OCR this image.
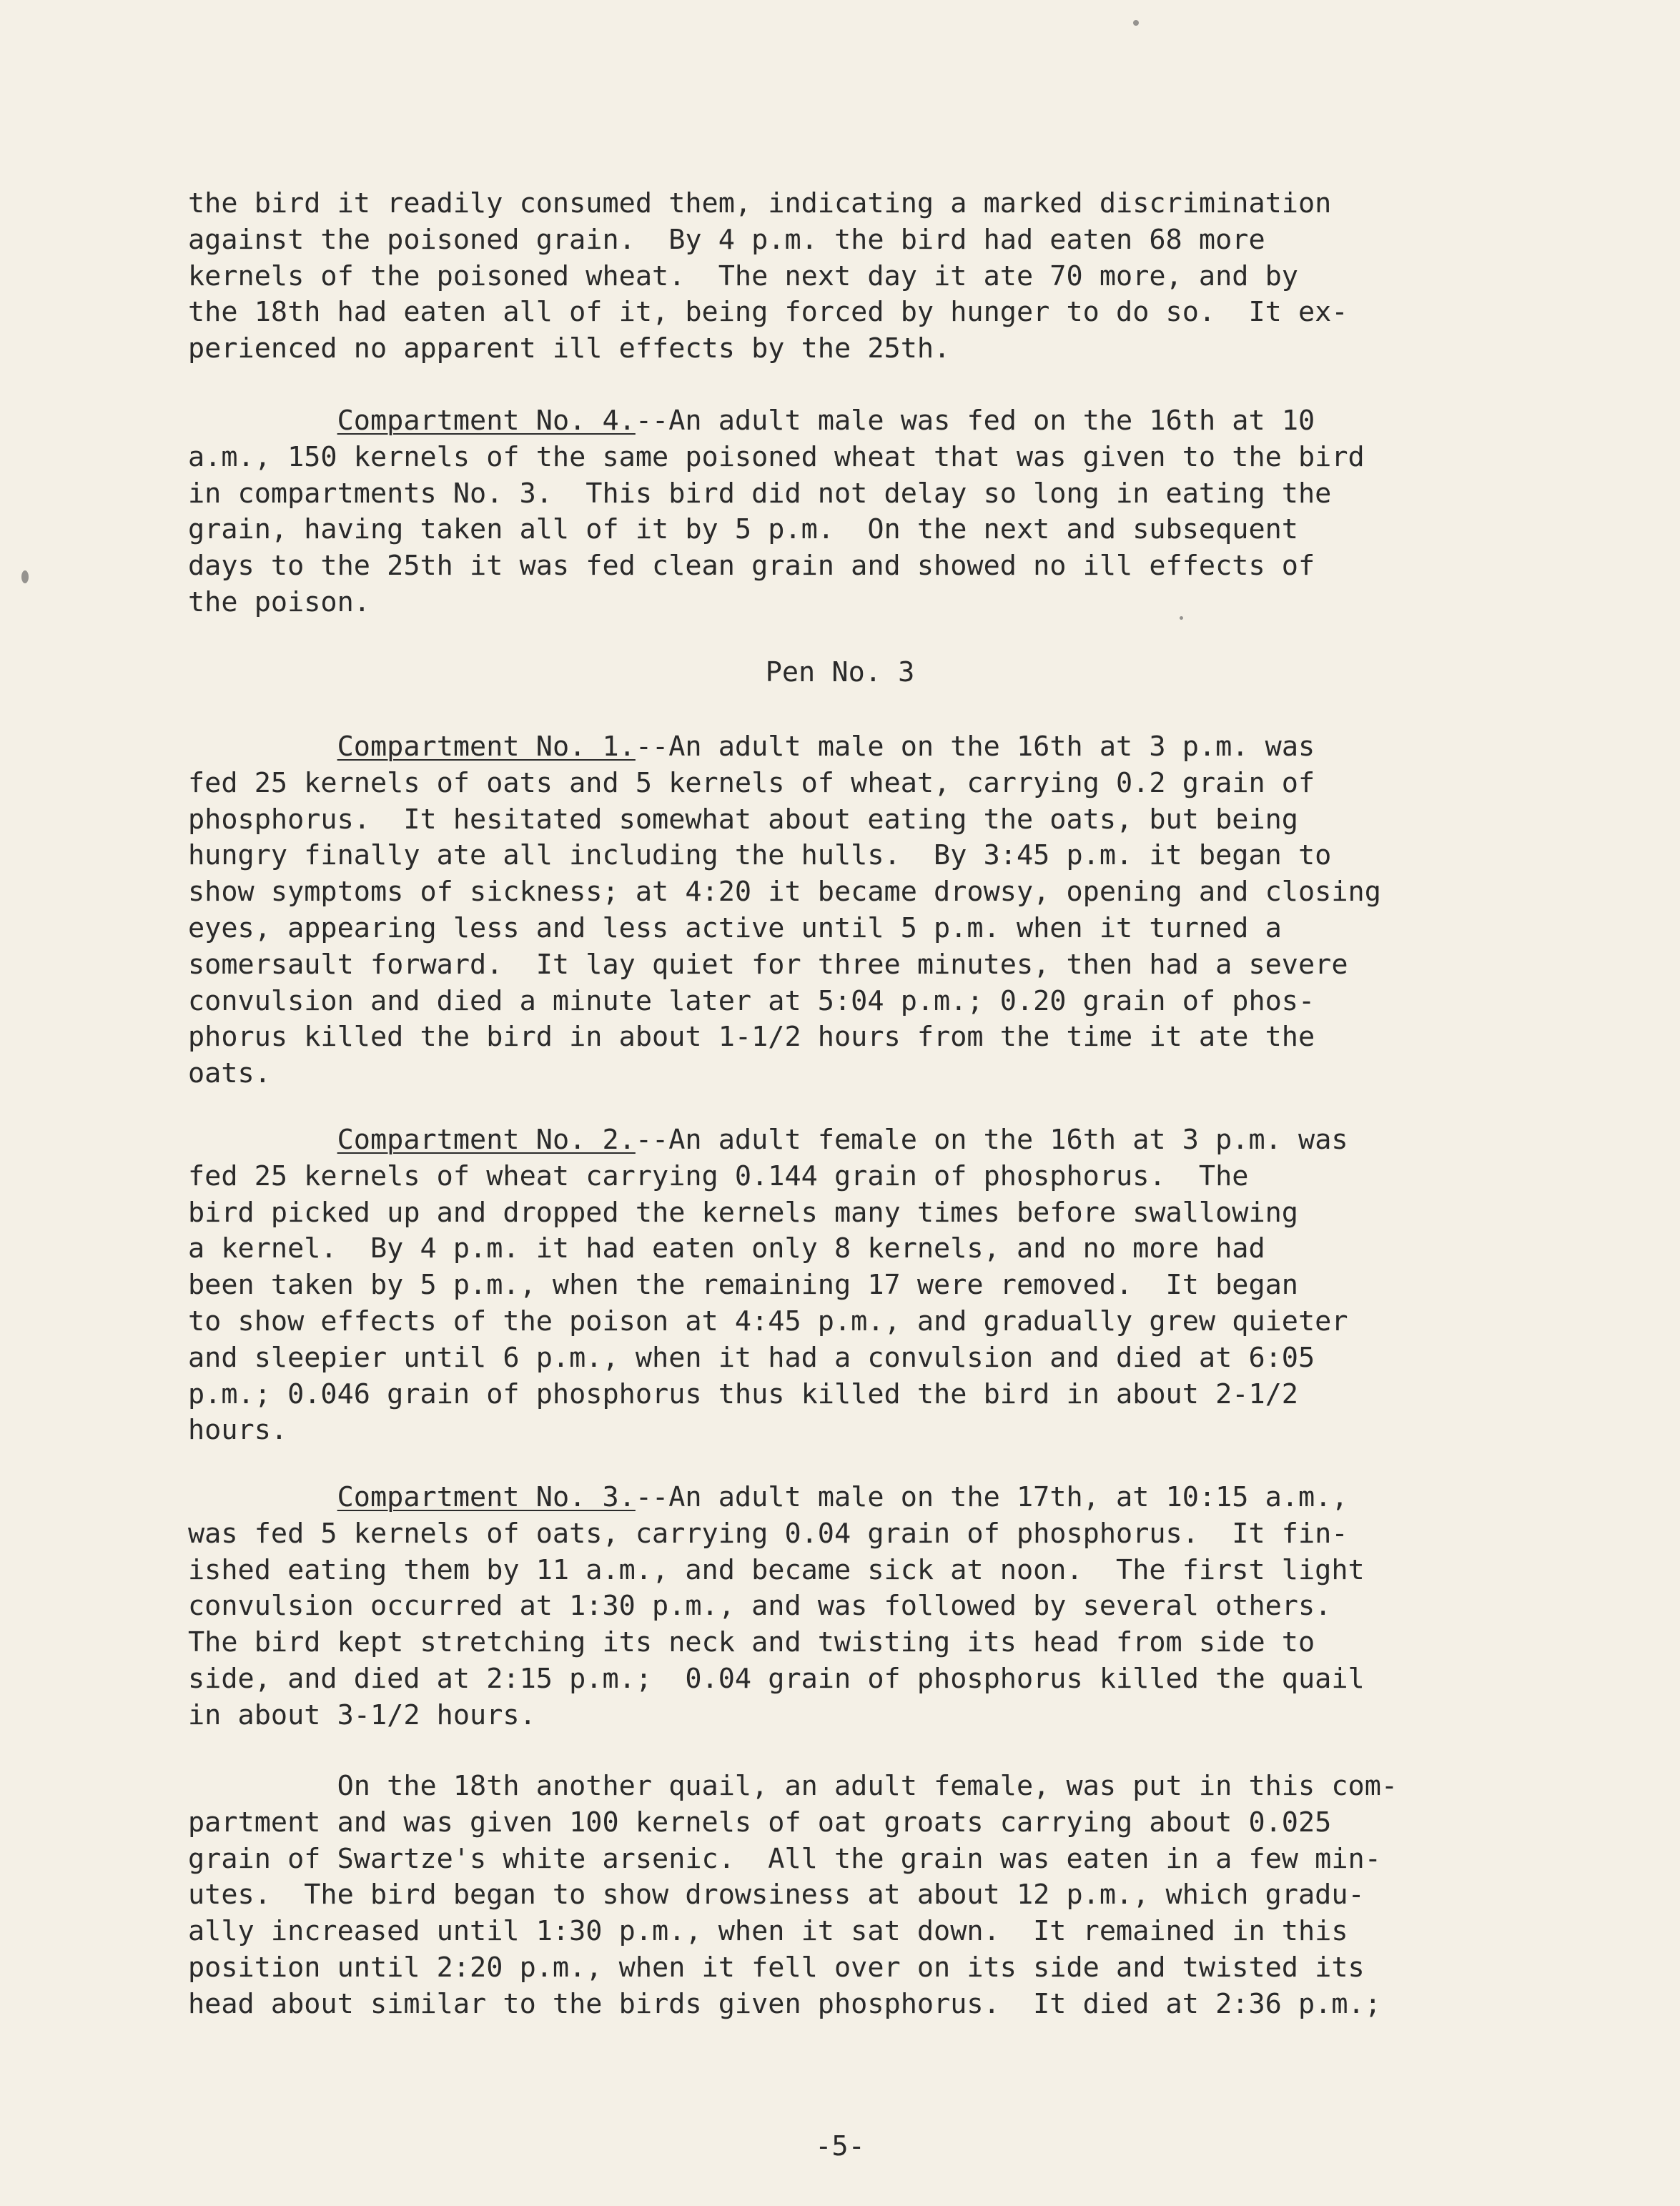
the bird it readily consumed them, indicating a marked discrimination
against the poisoned grain.  By 4 p.m. the bird had eaten 68 more
kernels of the poisoned wheat.  The next day it ate 70 more, and by
the 18th had eaten all of it, being forced by hunger to do so.  It ex-
perienced no apparent ill effects by the 25th.
Compartment No. 4.--An adult male was fed on the 16th at 10
a.m., 150 kernels of the same poisoned wheat that was given to the bird
in compartments No. 3.  This bird did not delay so long in eating the
grain, having taken all of it by 5 p.m.  On the next and subsequent
days to the 25th it was fed clean grain and showed no ill effects of
the poison.
Pen No. 3
Compartment No. 1.--An adult male on the 16th at 3 p.m. was
fed 25 kernels of oats and 5 kernels of wheat, carrying 0.2 grain of
phosphorus.  It hesitated somewhat about eating the oats, but being
hungry finally ate all including the hulls.  By 3:45 p.m. it began to
show symptoms of sickness; at 4:20 it became drowsy, opening and closing
eyes, appearing less and less active until 5 p.m. when it turned a
somersault forward.  It lay quiet for three minutes, then had a severe
convulsion and died a minute later at 5:04 p.m.; 0.20 grain of phos-
phorus killed the bird in about 1-1/2 hours from the time it ate the
oats.
Compartment No. 2.--An adult female on the 16th at 3 p.m. was
fed 25 kernels of wheat carrying 0.144 grain of phosphorus.  The
bird picked up and dropped the kernels many times before swallowing
a kernel.  By 4 p.m. it had eaten only 8 kernels, and no more had
been taken by 5 p.m., when the remaining 17 were removed.  It began
to show effects of the poison at 4:45 p.m., and gradually grew quieter
and sleepier until 6 p.m., when it had a convulsion and died at 6:05
p.m.; 0.046 grain of phosphorus thus killed the bird in about 2-1/2
hours.
Compartment No. 3.--An adult male on the 17th, at 10:15 a.m.,
was fed 5 kernels of oats, carrying 0.04 grain of phosphorus.  It fin-
ished eating them by 11 a.m., and became sick at noon.  The first light
convulsion occurred at 1:30 p.m., and was followed by several others.
The bird kept stretching its neck and twisting its head from side to
side, and died at 2:15 p.m.;  0.04 grain of phosphorus killed the quail
in about 3-1/2 hours.
On the 18th another quail, an adult female, was put in this com-
partment and was given 100 kernels of oat groats carrying about 0.025
grain of Swartze's white arsenic.  All the grain was eaten in a few min-
utes.  The bird began to show drowsiness at about 12 p.m., which gradu-
ally increased until 1:30 p.m., when it sat down.  It remained in this
position until 2:20 p.m., when it fell over on its side and twisted its
head about similar to the birds given phosphorus.  It died at 2:36 p.m.;
-5-
